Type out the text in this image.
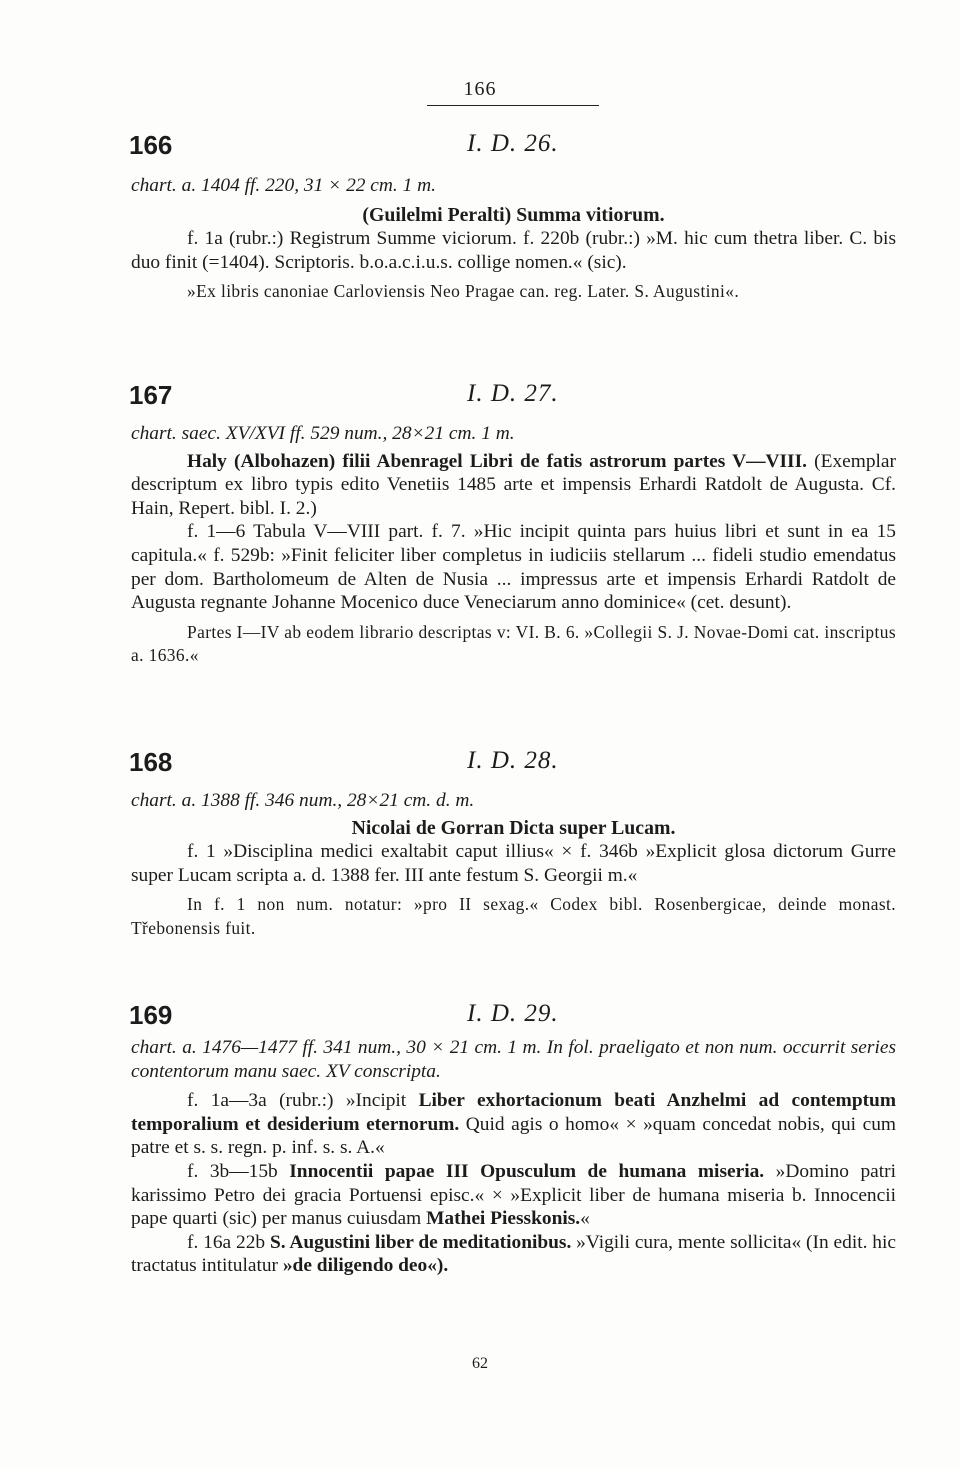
166
166	I. D. 26.

chart. a. 1404 ff. 220, 31 × 22 cm. 1 m.

(Guilelmi Peralti) Summa vitiorum.

f. 1a (rubr.:) Registrum Summe viciorum. f. 220b (rubr.:) »M. hic cum thetra liber. C. bis duo finit (=1404). Scriptoris. b.o.a.c.i.u.s. collige nomen.« (sic).

»Ex libris canoniae Carloviensis Neo Pragae can. reg. Later. S. Augustini«.

167	I. D. 27.

chart. saec. XV/XVI ff. 529 num., 28×21 cm. 1 m.

Haly (Albohazen) filii Abenragel Libri de fatis astrorum partes V—VIII. (Exemplar descriptum ex libro typis edito Venetiis 1485 arte et impensis Erhardi Ratdolt de Augusta. Cf. Hain, Repert. bibl. I. 2.)

f. 1—6 Tabula V—VIII part. f. 7. »Hic incipit quinta pars huius libri et sunt in ea 15 capitula.« f. 529b: »Finit feliciter liber completus in iudiciis stellarum ... fideli studio emendatus per dom. Bartholomeum de Alten de Nusia ... impressus arte et impensis Erhardi Ratdolt de Augusta regnante Johanne Mocenico duce Veneciarum anno dominice« (cet. desunt).

Partes I—IV ab eodem librario descriptas v: VI. B. 6. »Collegii S. J. Novae-Domi cat. inscriptus a. 1636.«

168	I. D. 28.

chart. a. 1388 ff. 346 num., 28×21 cm. d. m.

Nicolai de Gorran Dicta super Lucam.

f. 1 »Disciplina medici exaltabit caput illius« × f. 346b »Explicit glosa dictorum Gurre super Lucam scripta a. d. 1388 fer. III ante festum S. Georgii m.«

In f. 1 non num. notatur: »pro II sexag.« Codex bibl. Rosenbergicae, deinde monast. Třebonensis fuit.

169	I. D. 29.

chart. a. 1476—1477 ff. 341 num., 30 × 21 cm. 1 m. In fol. praeligato et non num. occurrit series contentorum manu saec. XV conscripta.

f. 1a—3a (rubr.:) »Incipit Liber exhortacionum beati Anzhelmi ad contemptum temporalium et desiderium eternorum. Quid agis o homo« × »quam concedat nobis, qui cum patre et s. s. regn. p. inf. s. s. A.«

f. 3b—15b Innocentii papae III Opusculum de humana miseria. »Domino patri karissimo Petro dei gracia Portuensi episc.« × »Explicit liber de humana miseria b. Innocencii pape quarti (sic) per manus cuiusdam Mathei Piesskonis.«

f. 16a 22b S. Augustini liber de meditationibus. »Vigili cura, mente sollicita« (In edit. hic tractatus intitulatur »de diligendo deo«).

62
